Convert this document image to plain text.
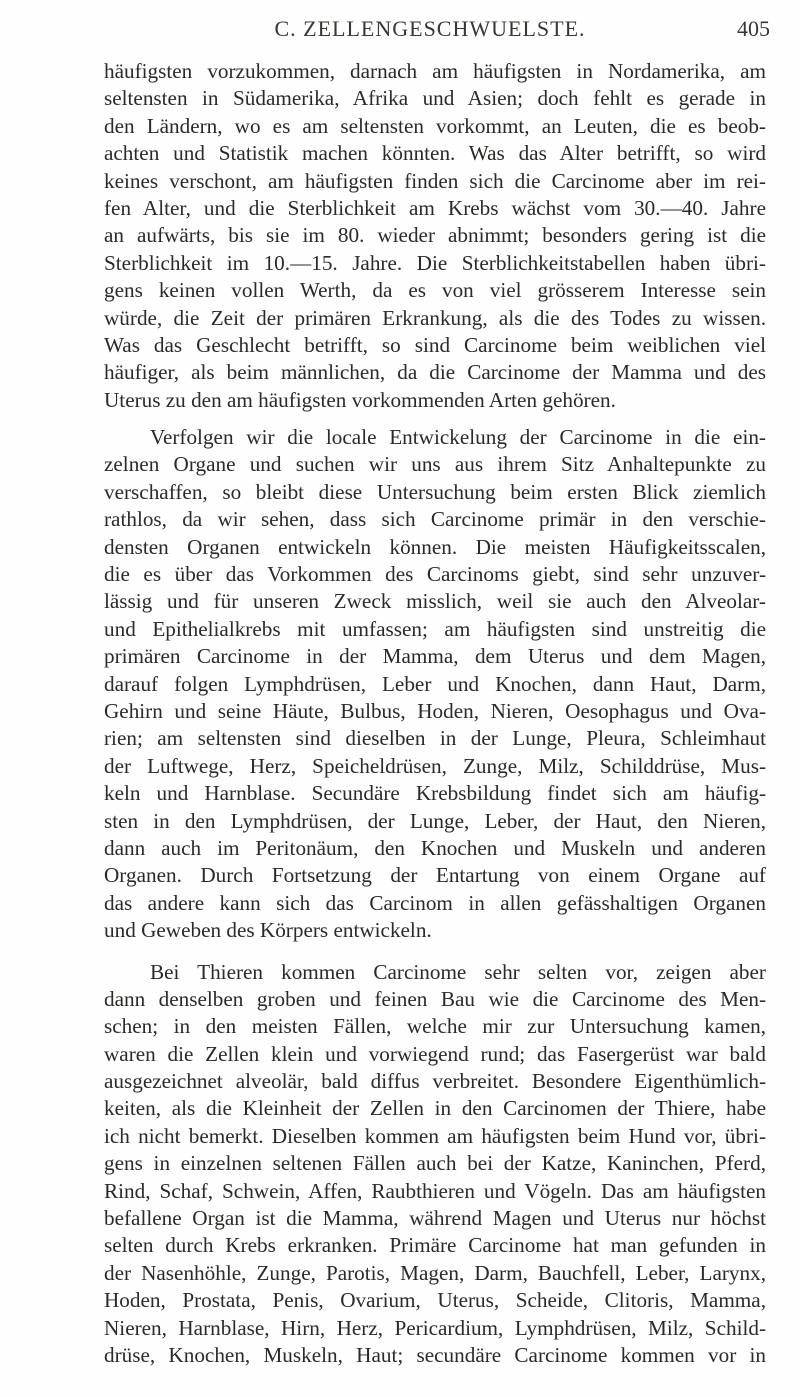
C. ZELLENGESCHWUELSTE.	405
häufigsten vorzukommen, darnach am häufigsten in Nordamerika, am
seltensten in Südamerika, Afrika und Asien; doch fehlt es gerade in
den Ländern, wo es am seltensten vorkommt, an Leuten, die es beob-
achten und Statistik machen könnten. Was das Alter betrifft, so wird
keines verschont, am häufigsten finden sich die Carcinome aber im rei-
fen Alter, und die Sterblichkeit am Krebs wächst vom 30.—40. Jahre
an aufwärts, bis sie im 80. wieder abnimmt; besonders gering ist die
Sterblichkeit im 10.—15. Jahre. Die Sterblichkeitstabellen haben übri-
gens keinen vollen Werth, da es von viel grösserem Interesse sein
würde, die Zeit der primären Erkrankung, als die des Todes zu wissen.
Was das Geschlecht betrifft, so sind Carcinome beim weiblichen viel
häufiger, als beim männlichen, da die Carcinome der Mamma und des
Uterus zu den am häufigsten vorkommenden Arten gehören.
Verfolgen wir die locale Entwickelung der Carcinome in die ein-
zelnen Organe und suchen wir uns aus ihrem Sitz Anhaltepunkte zu
verschaffen, so bleibt diese Untersuchung beim ersten Blick ziemlich
rathlos, da wir sehen, dass sich Carcinome primär in den verschie-
densten Organen entwickeln können. Die meisten Häufigkeitsscalen,
die es über das Vorkommen des Carcinoms giebt, sind sehr unzuver-
lässig und für unseren Zweck misslich, weil sie auch den Alveolar-
und Epithelialkrebs mit umfassen; am häufigsten sind unstreitig die
primären Carcinome in der Mamma, dem Uterus und dem Magen,
darauf folgen Lymphdrüsen, Leber und Knochen, dann Haut, Darm,
Gehirn und seine Häute, Bulbus, Hoden, Nieren, Oesophagus und Ova-
rien; am seltensten sind dieselben in der Lunge, Pleura, Schleimhaut
der Luftwege, Herz, Speicheldrüsen, Zunge, Milz, Schilddrüse, Mus-
keln und Harnblase. Secundäre Krebsbildung findet sich am häufig-
sten in den Lymphdrüsen, der Lunge, Leber, der Haut, den Nieren,
dann auch im Peritonäum, den Knochen und Muskeln und anderen
Organen. Durch Fortsetzung der Entartung von einem Organe auf
das andere kann sich das Carcinom in allen gefässhaltigen Organen
und Geweben des Körpers entwickeln.
Bei Thieren kommen Carcinome sehr selten vor, zeigen aber
dann denselben groben und feinen Bau wie die Carcinome des Men-
schen; in den meisten Fällen, welche mir zur Untersuchung kamen,
waren die Zellen klein und vorwiegend rund; das Fasergerüst war bald
ausgezeichnet alveolär, bald diffus verbreitet. Besondere Eigenthümlich-
keiten, als die Kleinheit der Zellen in den Carcinomen der Thiere, habe
ich nicht bemerkt. Dieselben kommen am häufigsten beim Hund vor, übri-
gens in einzelnen seltenen Fällen auch bei der Katze, Kaninchen, Pferd,
Rind, Schaf, Schwein, Affen, Raubthieren und Vögeln. Das am häufigsten
befallene Organ ist die Mamma, während Magen und Uterus nur höchst
selten durch Krebs erkranken. Primäre Carcinome hat man gefunden in
der Nasenhöhle, Zunge, Parotis, Magen, Darm, Bauchfell, Leber, Larynx,
Hoden, Prostata, Penis, Ovarium, Uterus, Scheide, Clitoris, Mamma,
Nieren, Harnblase, Hirn, Herz, Pericardium, Lymphdrüsen, Milz, Schild-
drüse, Knochen, Muskeln, Haut; secundäre Carcinome kommen vor in
